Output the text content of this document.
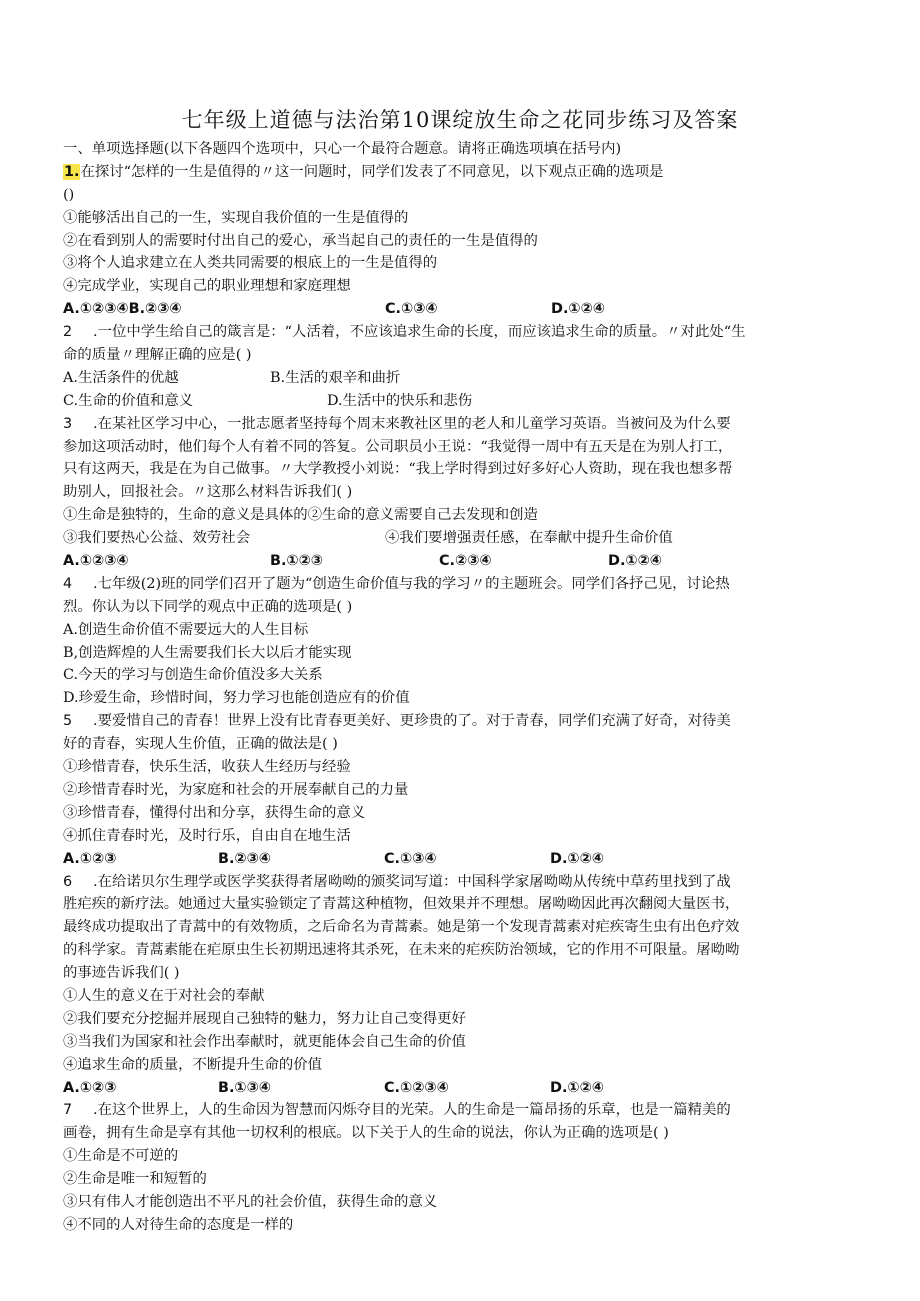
七年级上道德与法治第10课绽放生命之花同步练习及答案
一、单项选择题(以下各题四个选项中，只心一个最符合题意。请将正确选项填在括号内)
1.在探讨“怎样的一生是值得的〃这一问题时，同学们发表了不同意见，以下观点正确的选项是
()
①能够活出自己的一生，实现自我价值的一生是值得的
②在看到别人的需要时付出自己的爱心，承当起自己的责任的一生是值得的
③将个人追求建立在人类共同需要的根底上的一生是值得的
④完成学业，实现自己的职业理想和家庭理想
A.①②③④B.②③④	C.①③④	D.①②④
2 .一位中学生给自己的箴言是：“人活着，不应该追求生命的长度，而应该追求生命的质量。〃对此处“生
命的质量〃理解正确的应是( )
A.生活条件的优越	B.生活的艰辛和曲折
C.生命的价值和意义	D.生活中的快乐和悲伤
3 .在某社区学习中心，一批志愿者坚持每个周末来教社区里的老人和儿童学习英语。当被问及为什么要
参加这项活动时，他们每个人有着不同的答复。公司职员小王说：“我觉得一周中有五天是在为别人打工，
只有这两天，我是在为自己做事。〃大学教授小刘说：“我上学时得到过好多好心人资助，现在我也想多帮
助别人，回报社会。〃这那么材料告诉我们( )
①生命是独特的，生命的意义是具体的②生命的意义需要自己去发现和创造
③我们要热心公益、效劳社会	④我们要增强责任感，在奉献中提升生命价值
A.①②③④	B.①②③	C.②③④	D.①②④
4 .七年级(2)班的同学们召开了题为“创造生命价值与我的学习〃的主题班会。同学们各抒己见，讨论热
烈。你认为以下同学的观点中正确的选项是( )
A.创造生命价值不需要远大的人生目标
B,创造辉煌的人生需要我们长大以后才能实现
C.今天的学习与创造生命价值没多大关系
D.珍爱生命，珍惜时间，努力学习也能创造应有的价值
5 .要爱惜自己的青春！世界上没有比青春更美好、更珍贵的了。对于青春，同学们充满了好奇，对待美
好的青春，实现人生价值，正确的做法是( )
①珍惜青春，快乐生活，收获人生经历与经验
②珍惜青春时光，为家庭和社会的开展奉献自己的力量
③珍惜青春，懂得付出和分享，获得生命的意义
④抓住青春时光，及时行乐，自由自在地生活
A.①②③	B.②③④	C.①③④	D.①②④
6 .在给诺贝尔生理学或医学奖获得者屠呦呦的颁奖词写道：中国科学家屠呦呦从传统中草药里找到了战
胜疟疾的新疗法。她通过大量实验锁定了青蒿这种植物，但效果并不理想。屠呦呦因此再次翻阅大量医书，
最终成功提取出了青蒿中的有效物质，之后命名为青蒿素。她是第一个发现青蒿素对疟疾寄生虫有出色疗效
的科学家。青蒿素能在疟原虫生长初期迅速将其杀死，在未来的疟疾防治领域，它的作用不可限量。屠呦呦
的事迹告诉我们( )
①人生的意义在于对社会的奉献
②我们要充分挖掘并展现自己独特的魅力，努力让自己变得更好
③当我们为国家和社会作出奉献时，就更能体会自己生命的价值
④追求生命的质量，不断提升生命的价值
A.①②③	B.①③④	C.①②③④	D.①②④
7 .在这个世界上，人的生命因为智慧而闪烁夺目的光荣。人的生命是一篇昂扬的乐章，也是一篇精美的
画卷，拥有生命是享有其他一切权利的根底。以下关于人的生命的说法，你认为正确的选项是( )
①生命是不可逆的
②生命是唯一和短暂的
③只有伟人才能创造出不平凡的社会价值，获得生命的意义
④不同的人对待生命的态度是一样的
